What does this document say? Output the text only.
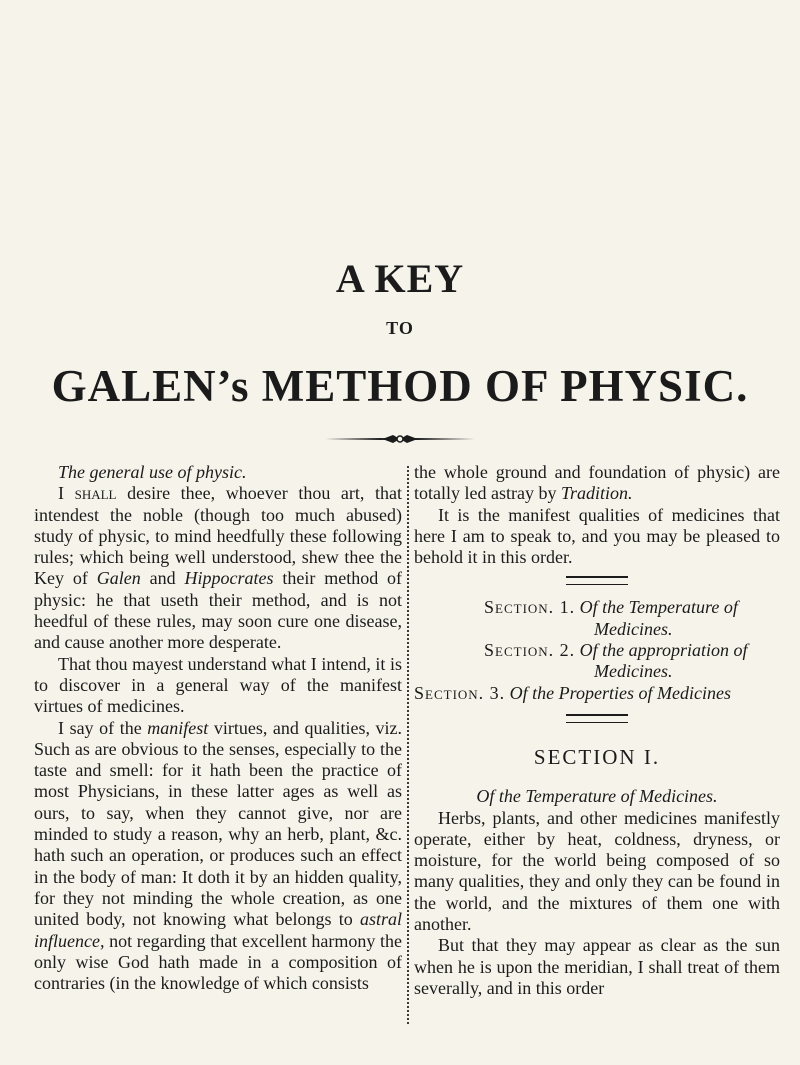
A KEY
TO
GALEN’s METHOD OF PHYSIC.

The general use of physic.

I shall desire thee, whoever thou art, that intendest the noble (though too much abused) study of physic, to mind heedfully these following rules; which being well understood, shew thee the Key of Galen and Hippocrates their method of physic: he that useth their method, and is not heedful of these rules, may soon cure one disease, and cause another more desperate.

That thou mayest understand what I intend, it is to discover in a general way of the manifest virtues of medicines.

I say of the manifest virtues, and qualities, viz. Such as are obvious to the senses, especially to the taste and smell: for it hath been the practice of most Physicians, in these latter ages as well as ours, to say, when they cannot give, nor are minded to study a reason, why an herb, plant, &c. hath such an operation, or produces such an effect in the body of man: It doth it by an hidden quality, for they not minding the whole creation, as one united body, not knowing what belongs to astral influence, not regarding that excellent harmony the only wise God hath made in a composition of contraries (in the knowledge of which consists

the whole ground and foundation of physic) are totally led astray by Tradition.

It is the manifest qualities of medicines that here I am to speak to, and you may be pleased to behold it in this order.

Section. 1. Of the Temperature of

Medicines.

Section. 2. Of the appropriation of

Medicines.

Section. 3. Of the Properties of Medicines

SECTION I.
Of the Temperature of Medicines.

Herbs, plants, and other medicines manifestly operate, either by heat, coldness, dryness, or moisture, for the world being composed of so many qualities, they and only they can be found in the world, and the mixtures of them one with another.

But that they may appear as clear as the sun when he is upon the meridian, I shall treat of them severally, and in this order
